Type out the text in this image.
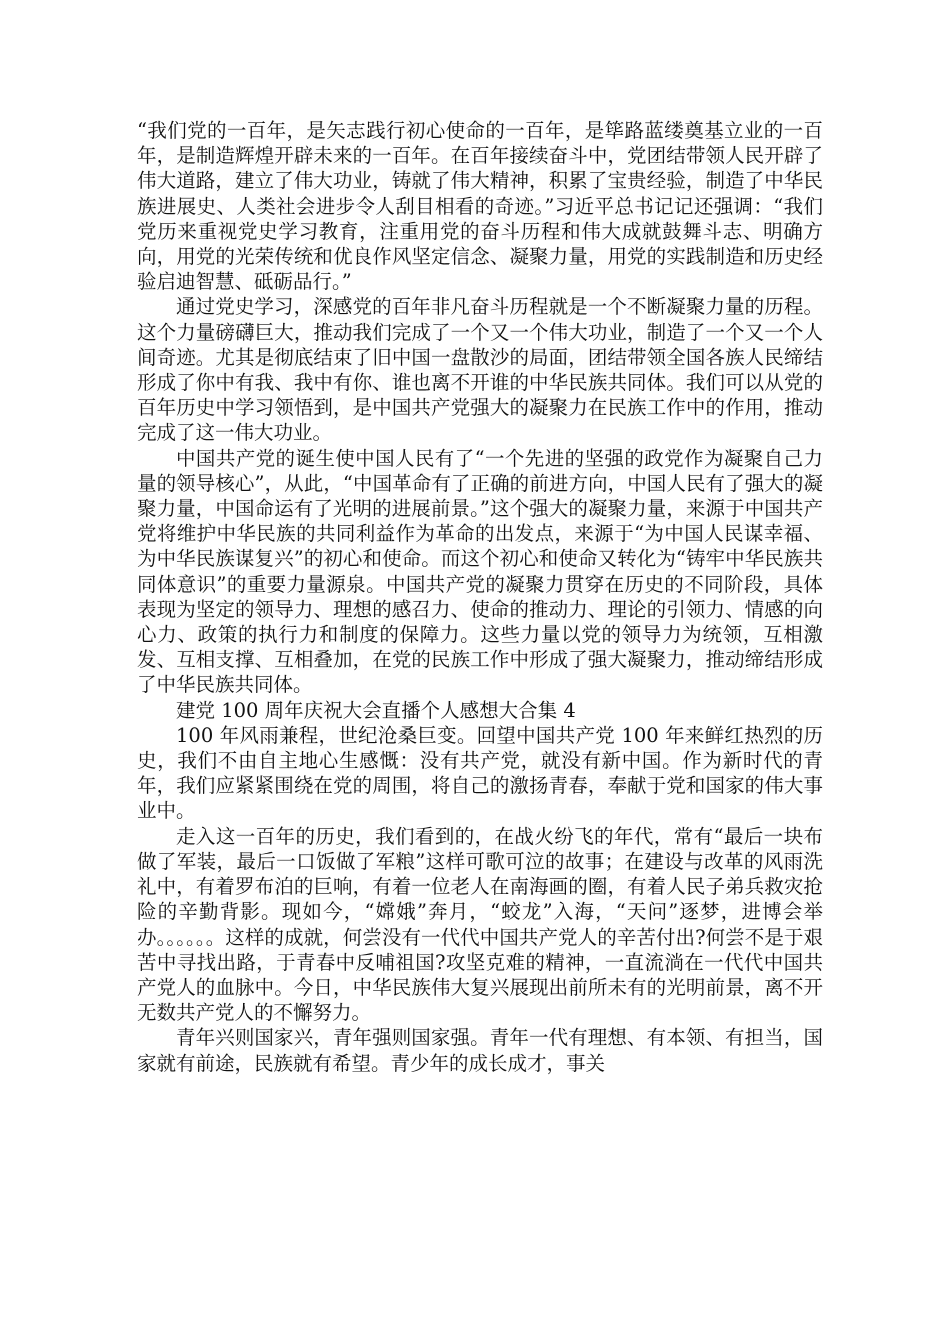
“我们党的一百年，是矢志践行初心使命的一百年，是筚路蓝缕奠基立业的一百年，是制造辉煌开辟未来的一百年。在百年接续奋斗中，党团结带领人民开辟了伟大道路，建立了伟大功业，铸就了伟大精神，积累了宝贵经验，制造了中华民族进展史、人类社会进步令人刮目相看的奇迹。”习近平总书记记还强调：“我们党历来重视党史学习教育，注重用党的奋斗历程和伟大成就鼓舞斗志、明确方向，用党的光荣传统和优良作风坚定信念、凝聚力量，用党的实践制造和历史经验启迪智慧、砥砺品行。”

通过党史学习，深感党的百年非凡奋斗历程就是一个不断凝聚力量的历程。这个力量磅礴巨大，推动我们完成了一个又一个伟大功业，制造了一个又一个人间奇迹。尤其是彻底结束了旧中国一盘散沙的局面，团结带领全国各族人民缔结形成了你中有我、我中有你、谁也离不开谁的中华民族共同体。我们可以从党的百年历史中学习领悟到，是中国共产党强大的凝聚力在民族工作中的作用，推动完成了这一伟大功业。

中国共产党的诞生使中国人民有了“一个先进的坚强的政党作为凝聚自己力量的领导核心”，从此，“中国革命有了正确的前进方向，中国人民有了强大的凝聚力量，中国命运有了光明的进展前景。”这个强大的凝聚力量，来源于中国共产党将维护中华民族的共同利益作为革命的出发点，来源于“为中国人民谋幸福、为中华民族谋复兴”的初心和使命。而这个初心和使命又转化为“铸牢中华民族共同体意识”的重要力量源泉。中国共产党的凝聚力贯穿在历史的不同阶段，具体表现为坚定的领导力、理想的感召力、使命的推动力、理论的引领力、情感的向心力、政策的执行力和制度的保障力。这些力量以党的领导力为统领，互相激发、互相支撑、互相叠加，在党的民族工作中形成了强大凝聚力，推动缔结形成了中华民族共同体。

建党 100 周年庆祝大会直播个人感想大合集 4

100 年风雨兼程，世纪沧桑巨变。回望中国共产党 100 年来鲜红热烈的历史，我们不由自主地心生感慨：没有共产党，就没有新中国。作为新时代的青年，我们应紧紧围绕在党的周围，将自己的激扬青春，奉献于党和国家的伟大事业中。

走入这一百年的历史，我们看到的，在战火纷飞的年代，常有“最后一块布做了军装，最后一口饭做了军粮”这样可歌可泣的故事；在建设与改革的风雨洗礼中，有着罗布泊的巨响，有着一位老人在南海画的圈，有着人民子弟兵救灾抢险的辛勤背影。现如今，“嫦娥”奔月，“蛟龙”入海，“天问”逐梦，进博会举办。。。。。。这样的成就，何尝没有一代代中国共产党人的辛苦付出?何尝不是于艰苦中寻找出路，于青春中反哺祖国?攻坚克难的精神，一直流淌在一代代中国共产党人的血脉中。今日，中华民族伟大复兴展现出前所未有的光明前景，离不开无数共产党人的不懈努力。

青年兴则国家兴，青年强则国家强。青年一代有理想、有本领、有担当，国家就有前途，民族就有希望。青少年的成长成才，事关
